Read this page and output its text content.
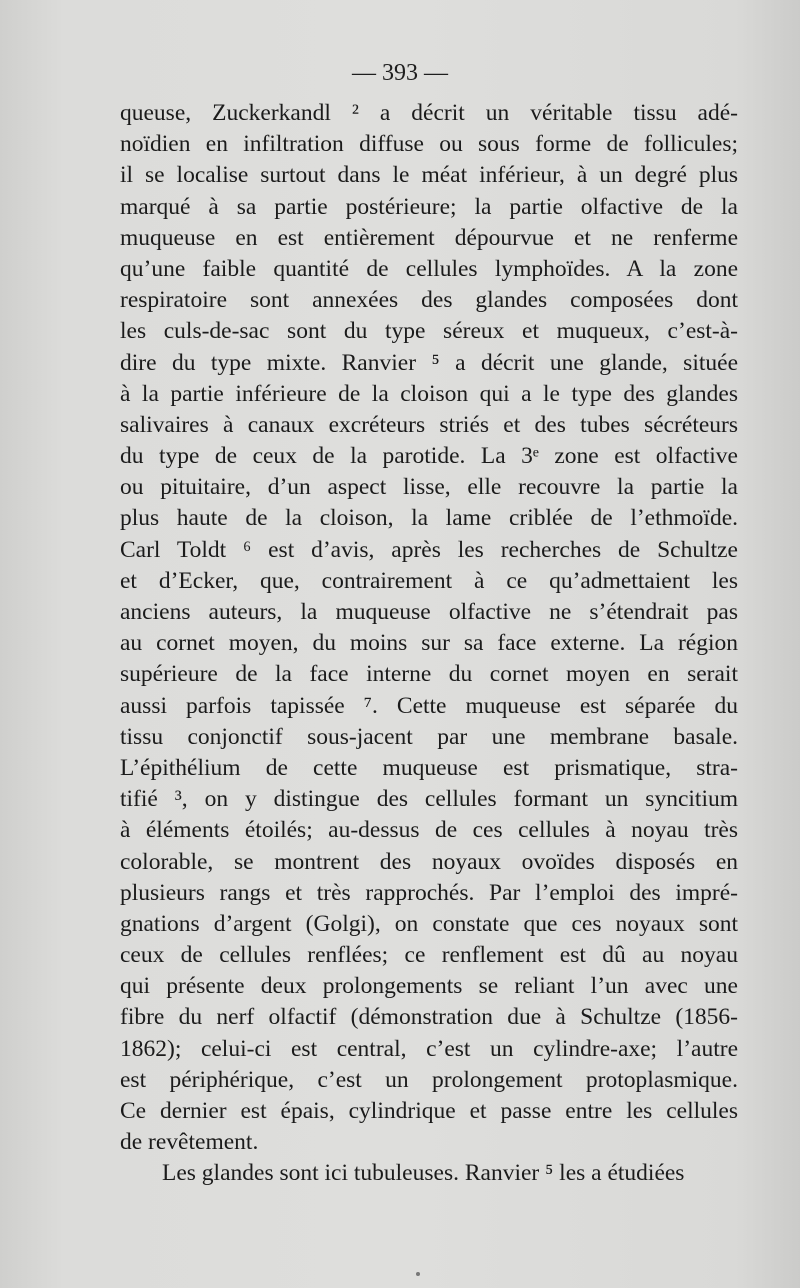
— 393 —
queuse, Zuckerkandl ² a décrit un véritable tissu adé-
noïdien en infiltration diffuse ou sous forme de follicules;
il se localise surtout dans le méat inférieur, à un degré plus
marqué à sa partie postérieure; la partie olfactive de la
muqueuse en est entièrement dépourvue et ne renferme
qu’une faible quantité de cellules lymphoïdes. A la zone
respiratoire sont annexées des glandes composées dont
les culs-de-sac sont du type séreux et muqueux, c’est-à-
dire du type mixte. Ranvier ⁵ a décrit une glande, située
à la partie inférieure de la cloison qui a le type des glandes
salivaires à canaux excréteurs striés et des tubes sécréteurs
du type de ceux de la parotide. La 3ᵉ zone est olfactive
ou pituitaire, d’un aspect lisse, elle recouvre la partie la
plus haute de la cloison, la lame criblée de l’ethmoïde.
Carl Toldt ⁶ est d’avis, après les recherches de Schultze
et d’Ecker, que, contrairement à ce qu’admettaient les
anciens auteurs, la muqueuse olfactive ne s’étendrait pas
au cornet moyen, du moins sur sa face externe. La région
supérieure de la face interne du cornet moyen en serait
aussi parfois tapissée ⁷. Cette muqueuse est séparée du
tissu conjonctif sous-jacent par une membrane basale.
L’épithélium de cette muqueuse est prismatique, stra-
tifié ³, on y distingue des cellules formant un syncitium
à éléments étoilés; au-dessus de ces cellules à noyau très
colorable, se montrent des noyaux ovoïdes disposés en
plusieurs rangs et très rapprochés. Par l’emploi des impré-
gnations d’argent (Golgi), on constate que ces noyaux sont
ceux de cellules renflées; ce renflement est dû au noyau
qui présente deux prolongements se reliant l’un avec une
fibre du nerf olfactif (démonstration due à Schultze (1856-
1862); celui-ci est central, c’est un cylindre-axe; l’autre
est périphérique, c’est un prolongement protoplasmique.
Ce dernier est épais, cylindrique et passe entre les cellules
de revêtement.
Les glandes sont ici tubuleuses. Ranvier ⁵ les a étudiées
